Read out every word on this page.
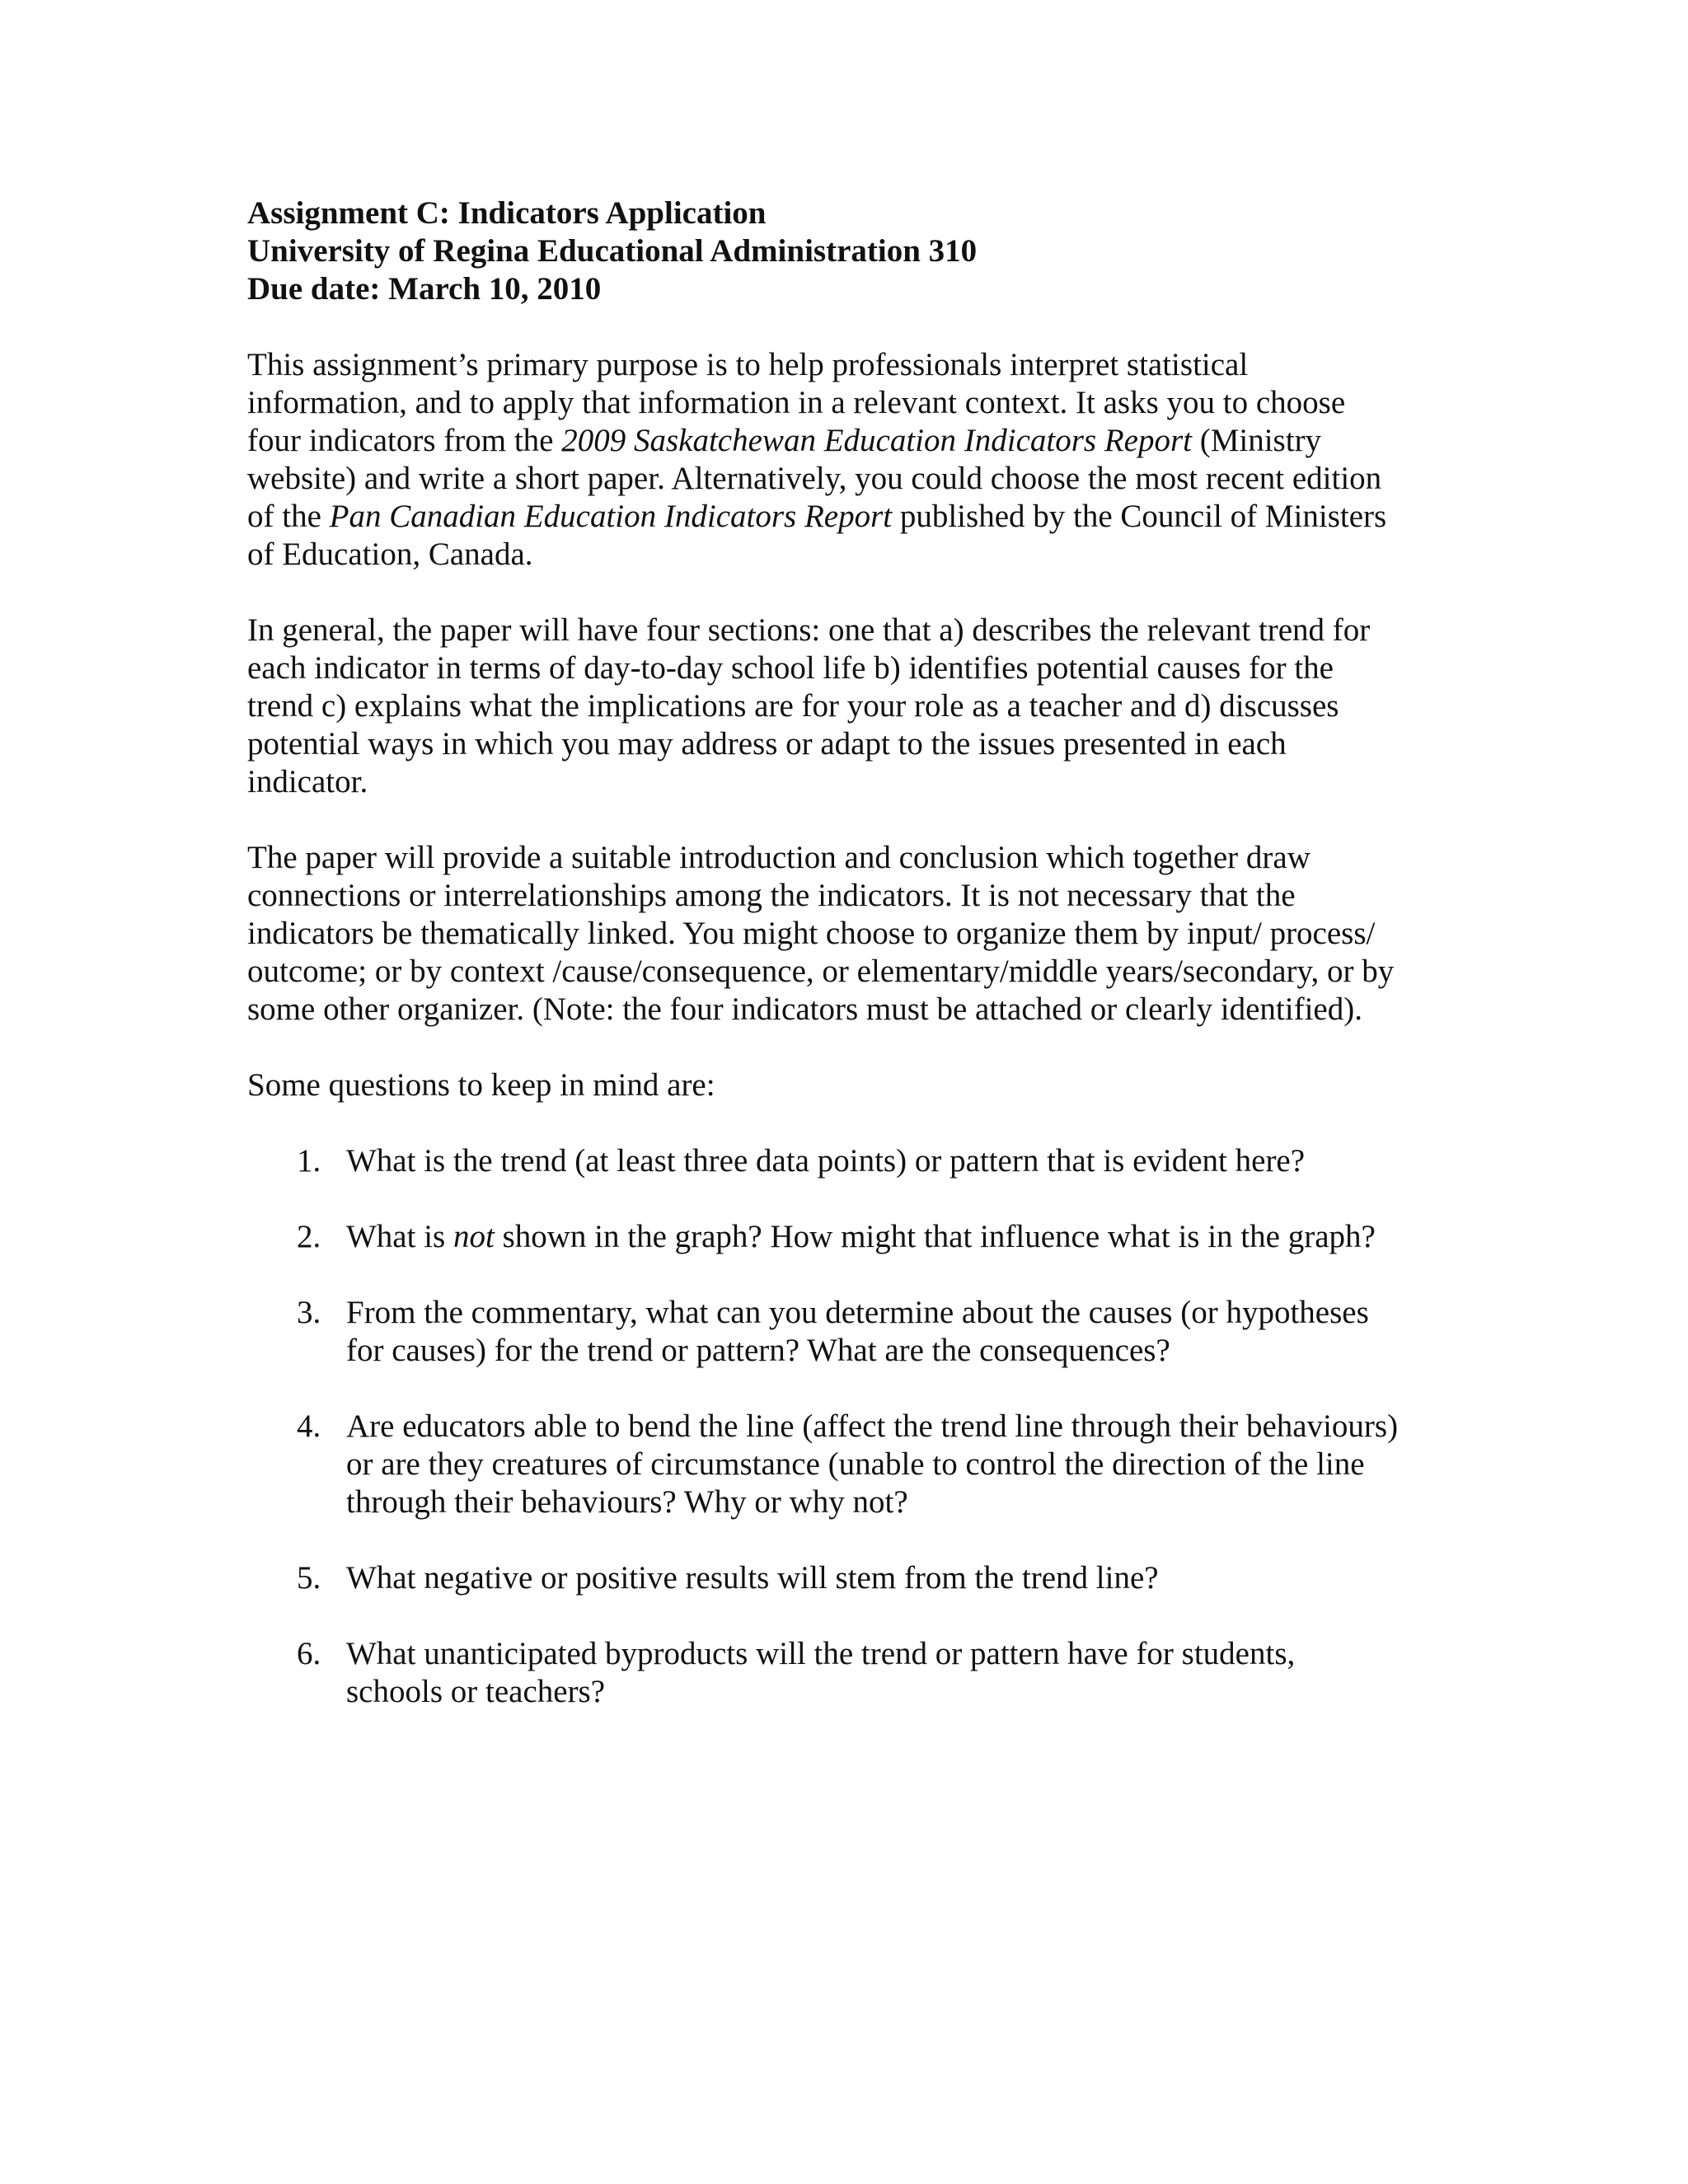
Assignment C: Indicators Application
University of Regina Educational Administration 310
Due date: March 10, 2010
This assignment’s primary purpose is to help professionals interpret statistical
information, and to apply that information in a relevant context. It asks you to choose
four indicators from the 2009 Saskatchewan Education Indicators Report (Ministry
website) and write a short paper. Alternatively, you could choose the most recent edition
of the Pan Canadian Education Indicators Report published by the Council of Ministers
of Education, Canada.
In general, the paper will have four sections: one that a) describes the relevant trend for
each indicator in terms of day-to-day school life b) identifies potential causes for the
trend c) explains what the implications are for your role as a teacher and d) discusses
potential ways in which you may address or adapt to the issues presented in each
indicator.
The paper will provide a suitable introduction and conclusion which together draw
connections or interrelationships among the indicators. It is not necessary that the
indicators be thematically linked. You might choose to organize them by input/ process/
outcome; or by context /cause/consequence, or elementary/middle years/secondary, or by
some other organizer. (Note: the four indicators must be attached or clearly identified).
Some questions to keep in mind are:
1. What is the trend (at least three data points) or pattern that is evident here?
2. What is not shown in the graph? How might that influence what is in the graph?
3. From the commentary, what can you determine about the causes (or hypotheses
for causes) for the trend or pattern? What are the consequences?
4. Are educators able to bend the line (affect the trend line through their behaviours)
or are they creatures of circumstance (unable to control the direction of the line
through their behaviours? Why or why not?
5. What negative or positive results will stem from the trend line?
6. What unanticipated byproducts will the trend or pattern have for students,
schools or teachers?
